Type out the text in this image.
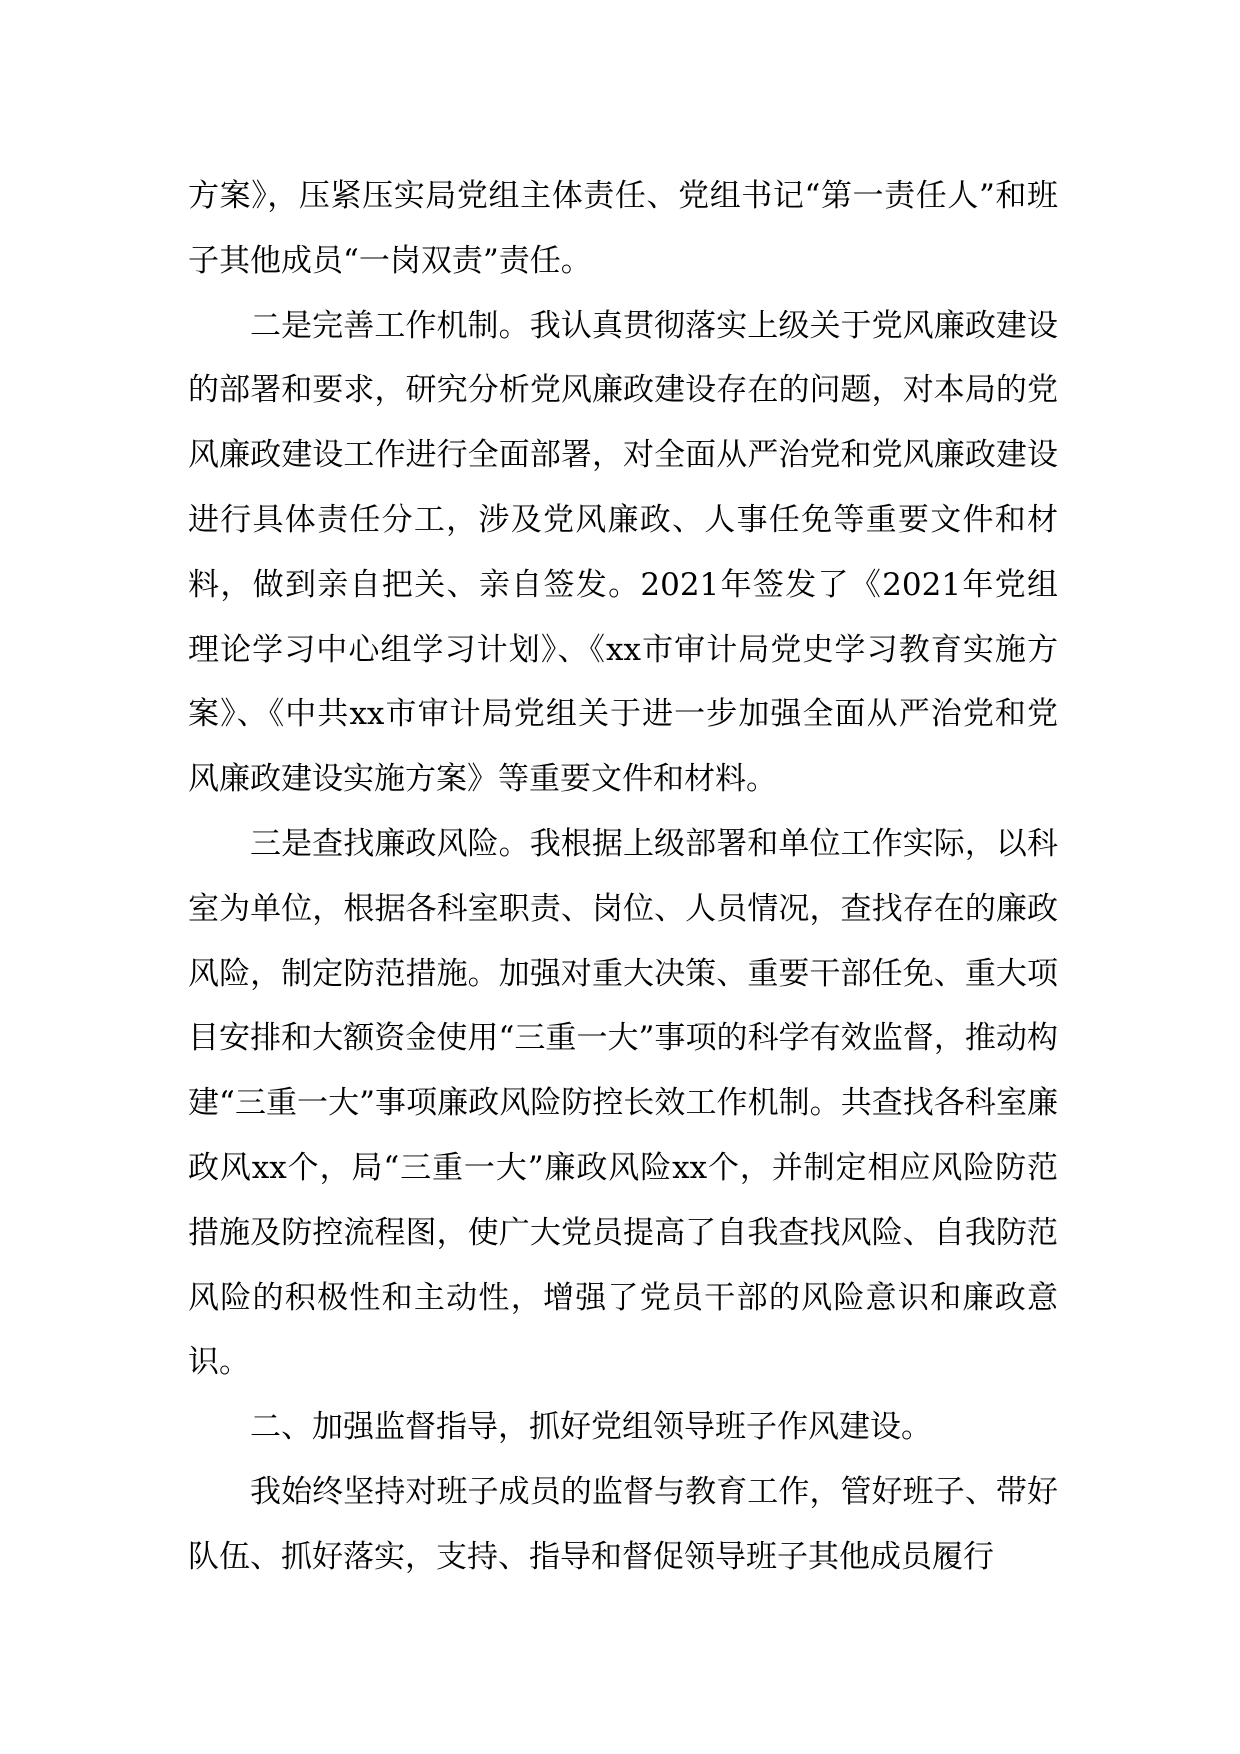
方案》，压紧压实局党组主体责任、党组书记“第一责任人”和班子其他成员“一岗双责”责任。

二是完善工作机制。我认真贯彻落实上级关于党风廉政建设的部署和要求，研究分析党风廉政建设存在的问题，对本局的党风廉政建设工作进行全面部署，对全面从严治党和党风廉政建设进行具体责任分工，涉及党风廉政、人事任免等重要文件和材料，做到亲自把关、亲自签发。2021年签发了《2021年党组理论学习中心组学习计划》、《xx市审计局党史学习教育实施方案》、《中共xx市审计局党组关于进一步加强全面从严治党和党风廉政建设实施方案》等重要文件和材料。

三是查找廉政风险。我根据上级部署和单位工作实际，以科室为单位，根据各科室职责、岗位、人员情况，查找存在的廉政风险，制定防范措施。加强对重大决策、重要干部任免、重大项目安排和大额资金使用“三重一大”事项的科学有效监督，推动构建“三重一大”事项廉政风险防控长效工作机制。共查找各科室廉政风xx个，局“三重一大”廉政风险xx个，并制定相应风险防范措施及防控流程图，使广大党员提高了自我查找风险、自我防范风险的积极性和主动性，增强了党员干部的风险意识和廉政意识。

二、加强监督指导，抓好党组领导班子作风建设。

我始终坚持对班子成员的监督与教育工作，管好班子、带好队伍、抓好落实，支持、指导和督促领导班子其他成员履行
